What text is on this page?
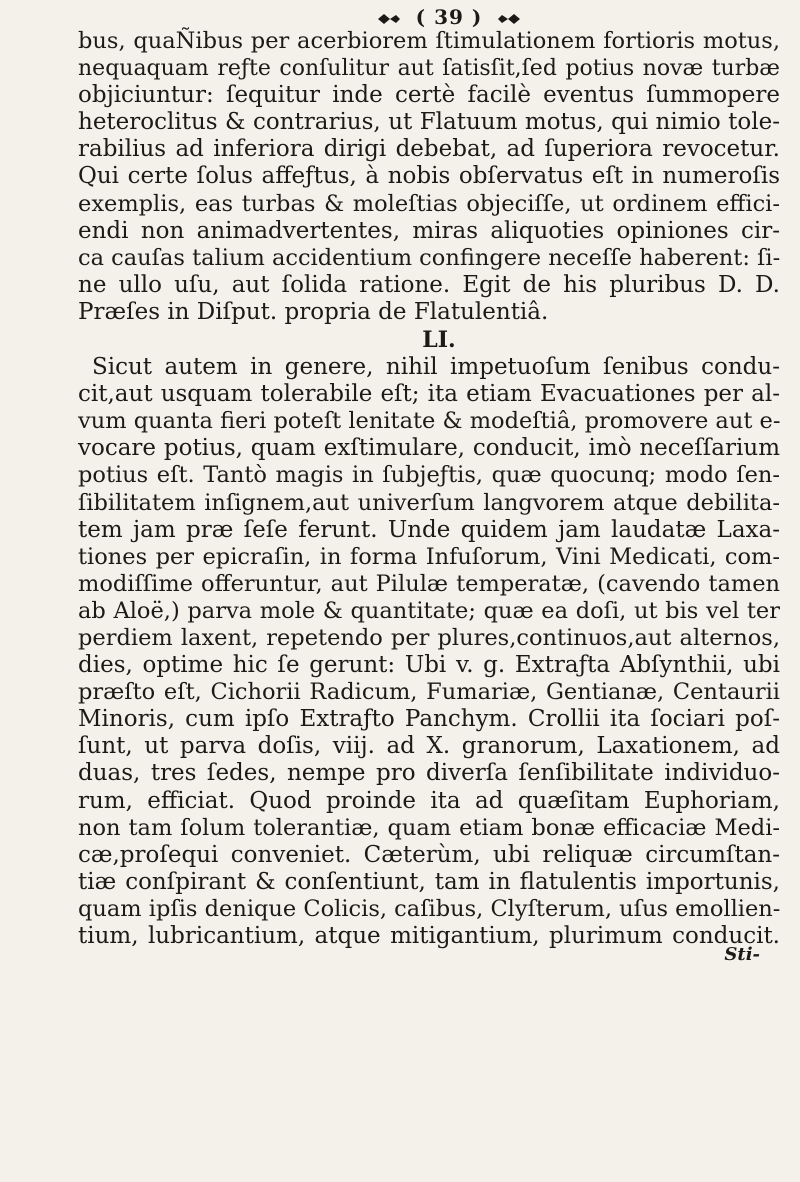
( 39 )
bus, quaÑibus per acerbiorem ſtimulationem fortioris motus,
nequaquam reƒte conſulitur aut ſatisſit,ſed potius novæ turbæ
objiciuntur: ſequitur inde certè facilè eventus ſummopere
heteroclitus & contrarius, ut Flatuum motus, qui nimio tole-
rabilius ad inferiora dirigi debebat, ad ſuperiora revocetur.
Qui certe ſolus affeƒtus, à nobis obſervatus eſt in numeroſis
exemplis, eas turbas & moleſtias objeciſſe, ut ordinem effici-
endi non animadvertentes, miras aliquoties opiniones cir-
ca cauſas talium accidentium confingere neceſſe haberent: ſi-
ne ullo uſu, aut ſolida ratione. Egit de his pluribus D. D.
Præſes in Diſput. propria de Flatulentiâ.
LI.
Sicut autem in genere, nihil impetuoſum ſenibus condu-
cit,aut usquam tolerabile eſt; ita etiam Evacuationes per al-
vum quanta fieri poteſt lenitate & modeſtiâ, promovere aut e-
vocare potius, quam exſtimulare, conducit, imò neceſſarium
potius eſt. Tantò magis in ſubjeƒtis, quæ quocunq; modo ſen-
ſibilitatem inſignem,aut univerſum langvorem atque debilita-
tem jam præ ſeſe ferunt. Unde quidem jam laudatæ Laxa-
tiones per epicraſin, in forma Infuſorum, Vini Medicati, com-
modiſſime offeruntur, aut Pilulæ temperatæ, (cavendo tamen
ab Aloë,) parva mole & quantitate; quæ ea doſi, ut bis vel ter
perdiem laxent, repetendo per plures,continuos,aut alternos,
dies, optime hic ſe gerunt: Ubi v. g. Extraƒta Abſynthii, ubi
præſto eſt, Cichorii Radicum, Fumariæ, Gentianæ, Centaurii
Minoris, cum ipſo Extraƒto Panchym. Crollii ita ſociari poſ-
ſunt, ut parva doſis, viij. ad X. granorum, Laxationem, ad
duas, tres ſedes, nempe pro diverſa ſenſibilitate individuo-
rum, efficiat. Quod proinde ita ad quæſitam Euphoriam,
non tam ſolum tolerantiæ, quam etiam bonæ efficaciæ Medi-
cæ,proſequi conveniet. Cæterùm, ubi reliquæ circumſtan-
tiæ conſpirant & conſentiunt, tam in flatulentis importunis,
quam ipſis denique Colicis, caſibus, Clyſterum, uſus emollien-
tium, lubricantium, atque mitigantium, plurimum conducit.
Sti-
